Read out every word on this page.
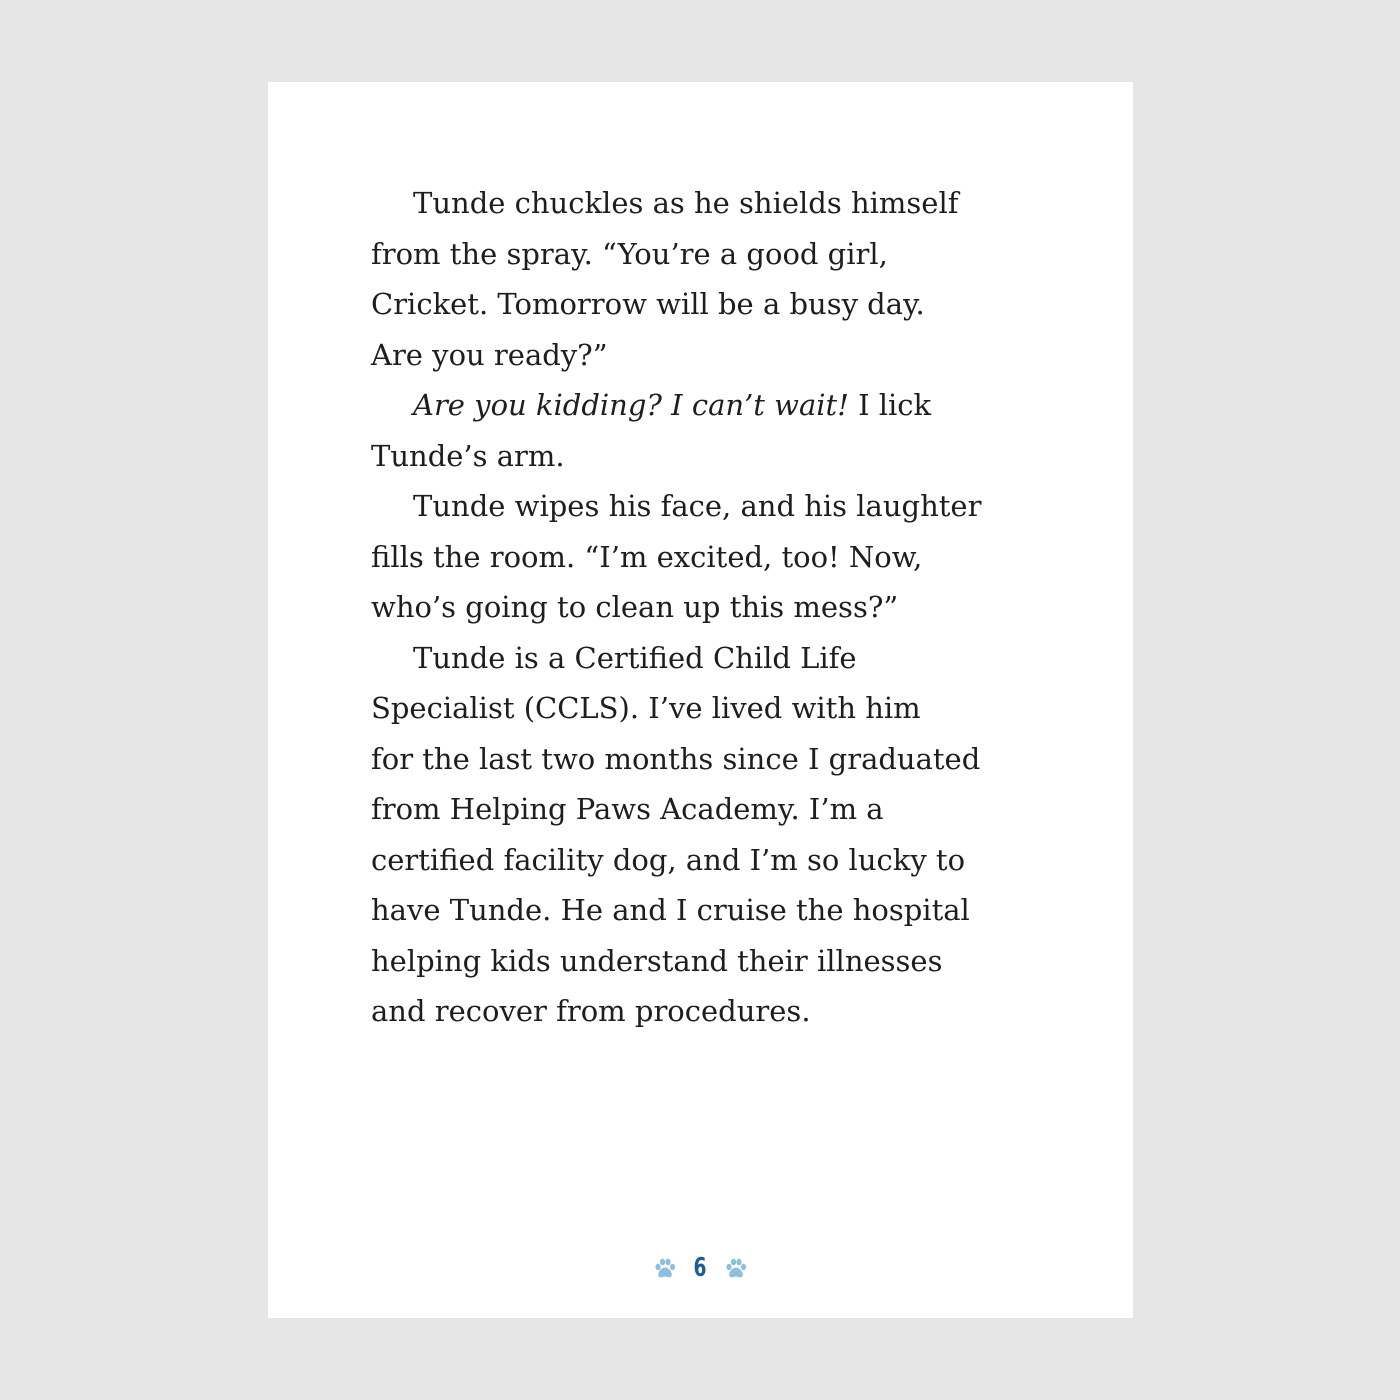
Tunde chuckles as he shields himself
from the spray. “You’re a good girl,
Cricket. Tomorrow will be a busy day.
Are you ready?”
Are you kidding? I can’t wait! I lick
Tunde’s arm.
Tunde wipes his face, and his laughter
fills the room. “I’m excited, too! Now,
who’s going to clean up this mess?”
Tunde is a Certified Child Life
Specialist (CCLS). I’ve lived with him
for the last two months since I graduated
from Helping Paws Academy. I’m a
certified facility dog, and I’m so lucky to
have Tunde. He and I cruise the hospital
helping kids understand their illnesses
and recover from procedures.
6
